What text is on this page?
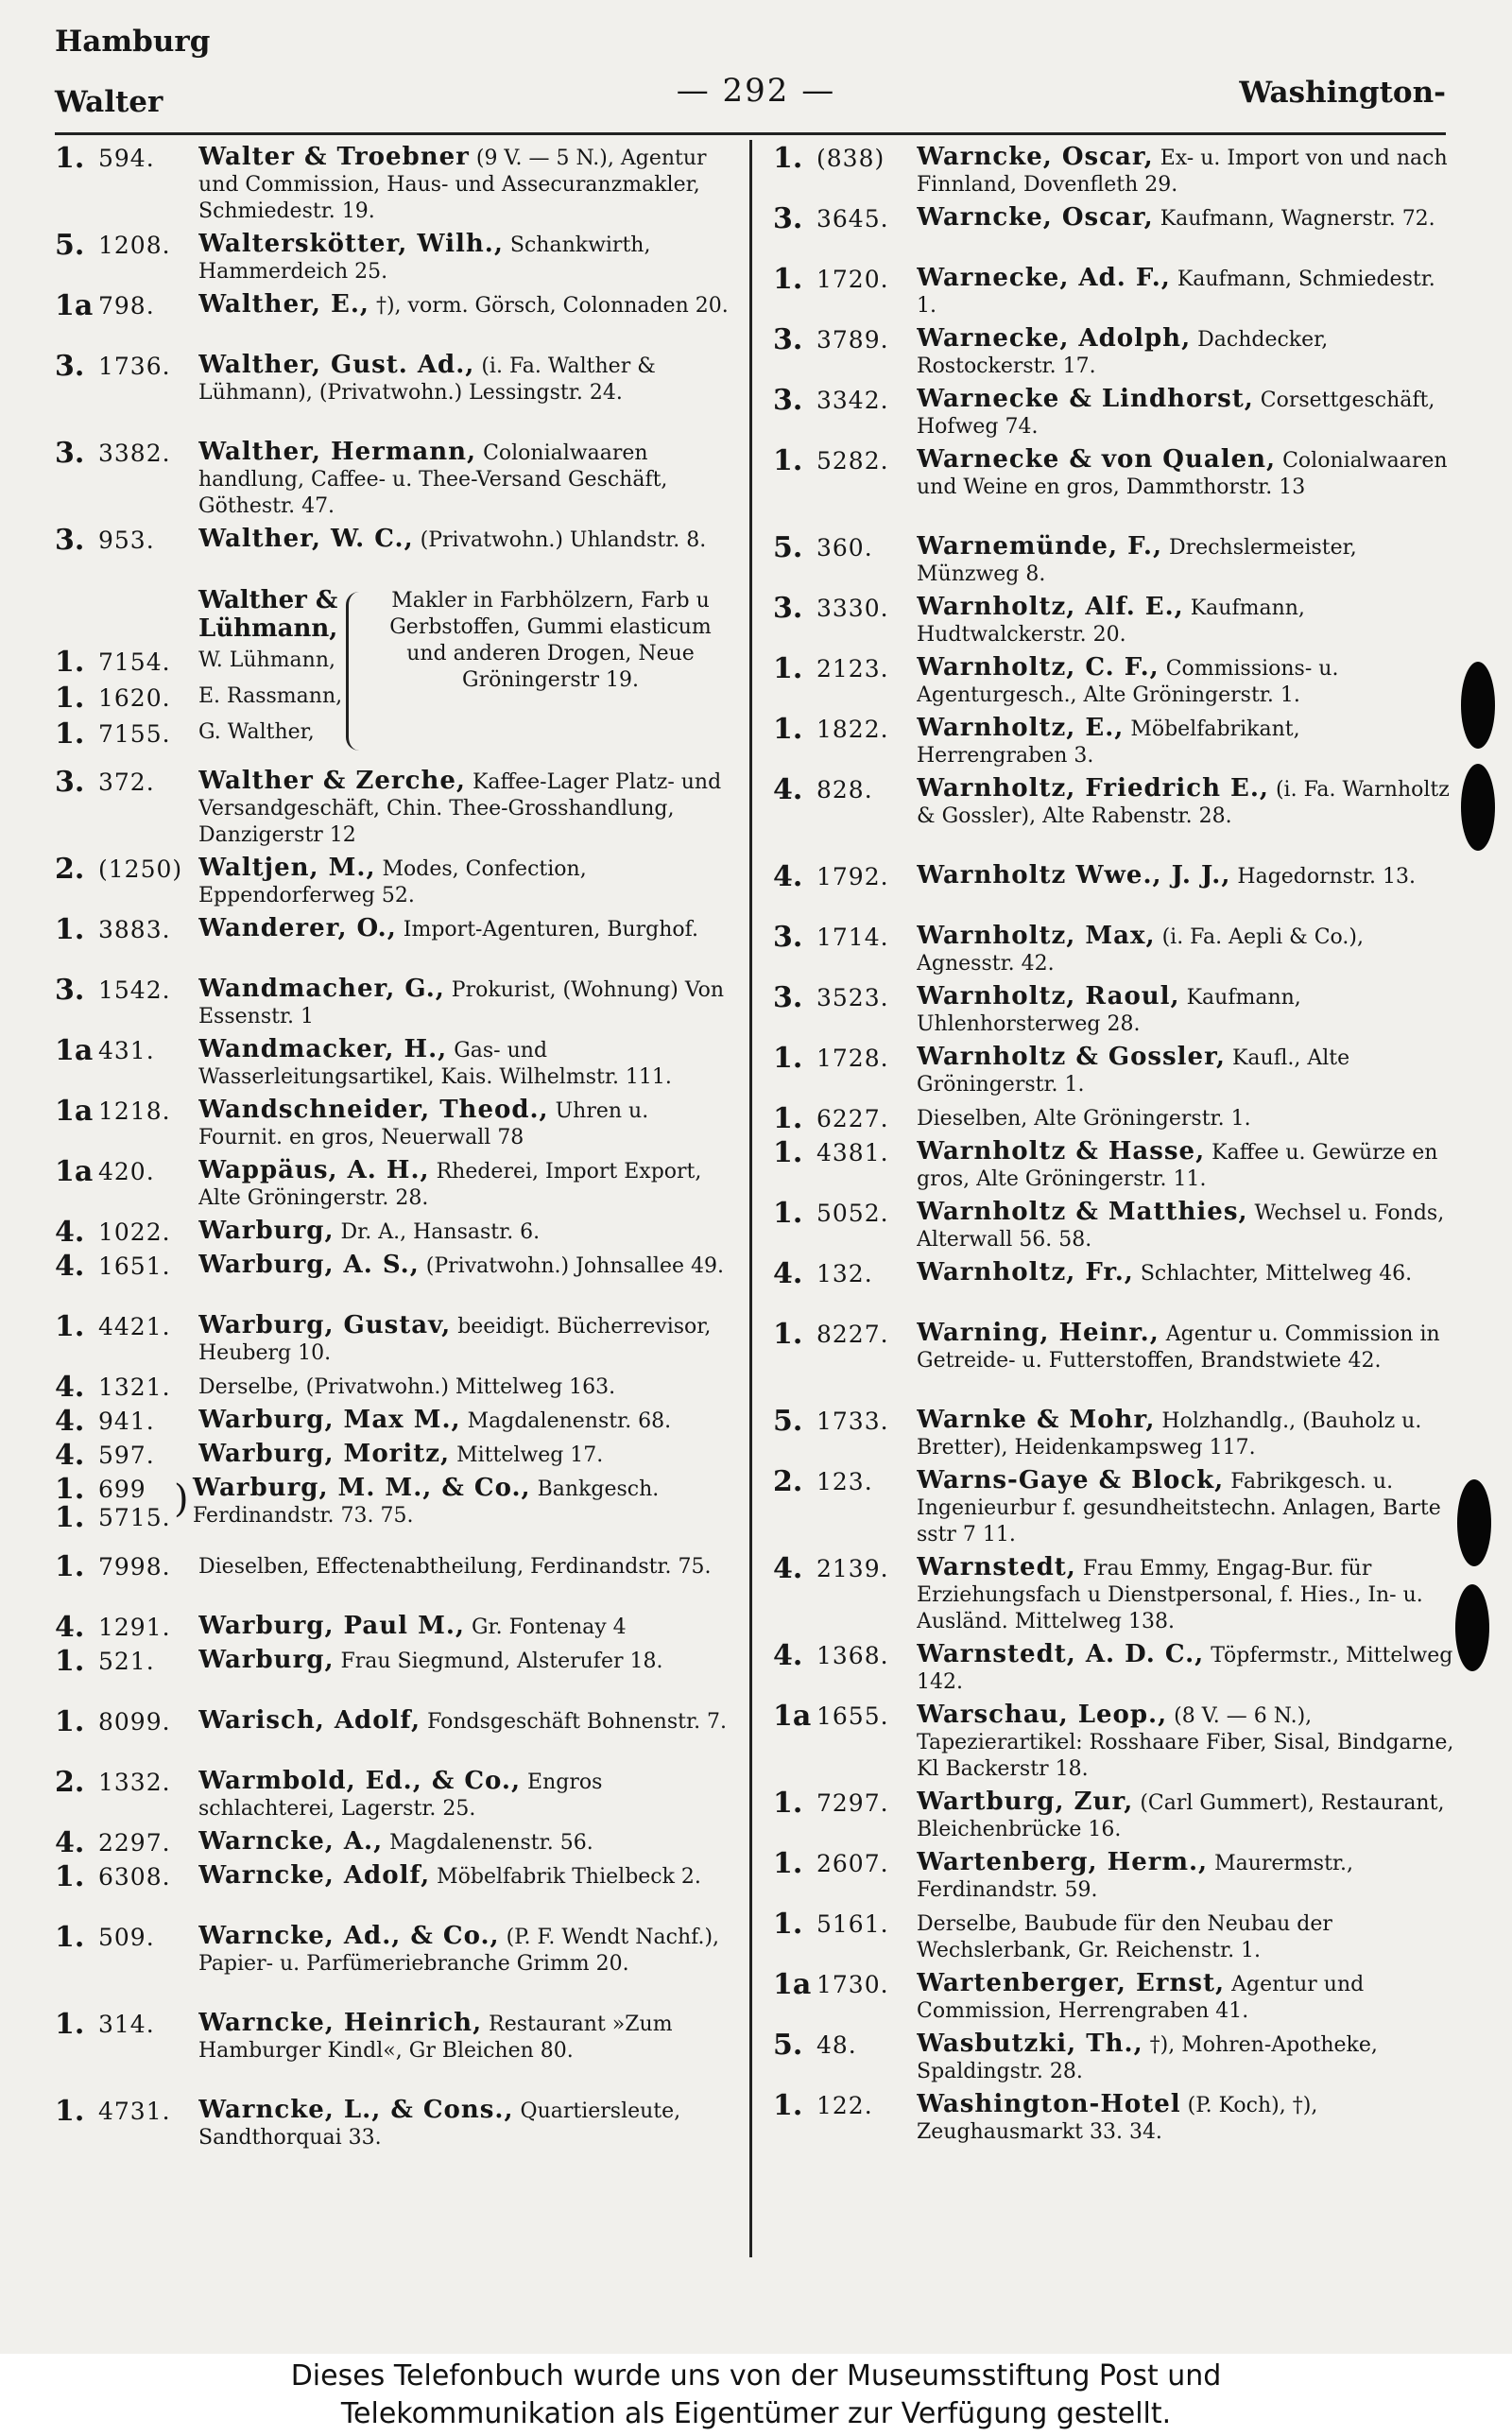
Hamburg
Walter	— 292 —	Washington-
1. 594. Walter & Troebner (9 V. — 5 N.), Agentur und Commission, Haus- und Assecuranzmakler, Schmiedestr. 19.
5. 1208. Walterskötter, Wilh., Schankwirth, Hammerdeich 25.
1a 798. Walther, E., †), vorm. Görsch, Colonnaden 20.
3. 1736. Walther, Gust. Ad., (i. Fa. Walther & Lühmann), (Privatwohn.) Lessingstr. 24.
3. 3382. Walther, Hermann, Colonialwaaren handlung, Caffee- u. Thee-Versand Geschäft, Göthestr. 47.
3. 953. Walther, W. C., (Privatwohn.) Uhlandstr. 8.
Walther & Lühmann,
1. 7154. W. Lühmann,
1. 1620. E. Rassmann,
1. 7155. G. Walther,
Makler in Farbhölzern, Farb u Gerbstoffen, Gummi elasticum und anderen Drogen, Neue Gröningerstr 19.
3. 372. Walther & Zerche, Kaffee-Lager Platz- und Versandgeschäft, Chin. Thee-Grosshandlung, Danzigerstr 12
2. (1250) Waltjen, M., Modes, Confection, Eppendorferweg 52.
1. 3883. Wanderer, O., Import-Agenturen, Burghof.
3. 1542. Wandmacher, G., Prokurist, (Wohnung) Von Essenstr. 1
1a 431. Wandmacker, H., Gas- und Wasserleitungsartikel, Kais. Wilhelmstr. 111.
1a 1218. Wandschneider, Theod., Uhren u. Fournit. en gros, Neuerwall 78
1a 420. Wappäus, A. H., Rhederei, Import Export, Alte Gröningerstr. 28.
4. 1022. Warburg, Dr. A., Hansastr. 6.
4. 1651. Warburg, A. S., (Privatwohn.) Johnsallee 49.
1. 4421. Warburg, Gustav, beeidigt. Bücherrevisor, Heuberg 10.
4. 1321. Derselbe, (Privatwohn.) Mittelweg 163.
4. 941. Warburg, Max M., Magdalenenstr. 68.
4. 597. Warburg, Moritz, Mittelweg 17.
1. 699
1. 5715. ) Warburg, M. M., & Co., Bankgesch. Ferdinandstr. 73. 75.
1. 7998. Dieselben, Effectenabtheilung, Ferdinandstr. 75.
4. 1291. Warburg, Paul M., Gr. Fontenay 4
1. 521. Warburg, Frau Siegmund, Alsterufer 18.
1. 8099. Warisch, Adolf, Fondsgeschäft Bohnenstr. 7.
2. 1332. Warmbold, Ed., & Co., Engros schlachterei, Lagerstr. 25.
4. 2297. Warncke, A., Magdalenenstr. 56.
1. 6308. Warncke, Adolf, Möbelfabrik Thielbeck 2.
1. 509. Warncke, Ad., & Co., (P. F. Wendt Nachf.), Papier- u. Parfümeriebranche Grimm 20.
1. 314. Warncke, Heinrich, Restaurant »Zum Hamburger Kindl«, Gr Bleichen 80.
1. 4731. Warncke, L., & Cons., Quartiersleute, Sandthorquai 33.
1. (838) Warncke, Oscar, Ex- u. Import von und nach Finnland, Dovenfleth 29.
3. 3645. Warncke, Oscar, Kaufmann, Wagnerstr. 72.
1. 1720. Warnecke, Ad. F., Kaufmann, Schmiedestr. 1.
3. 3789. Warnecke, Adolph, Dachdecker, Rostockerstr. 17.
3. 3342. Warnecke & Lindhorst, Corsettgeschäft, Hofweg 74.
1. 5282. Warnecke & von Qualen, Colonialwaaren und Weine en gros, Dammthorstr. 13
5. 360. Warnemünde, F., Drechslermeister, Münzweg 8.
3. 3330. Warnholtz, Alf. E., Kaufmann, Hudtwalckerstr. 20.
1. 2123. Warnholtz, C. F., Commissions- u. Agenturgesch., Alte Gröningerstr. 1.
1. 1822. Warnholtz, E., Möbelfabrikant, Herrengraben 3.
4. 828. Warnholtz, Friedrich E., (i. Fa. Warnholtz & Gossler), Alte Rabenstr. 28.
4. 1792. Warnholtz Wwe., J. J., Hagedornstr. 13.
3. 1714. Warnholtz, Max, (i. Fa. Aepli & Co.), Agnesstr. 42.
3. 3523. Warnholtz, Raoul, Kaufmann, Uhlenhorsterweg 28.
1. 1728. Warnholtz & Gossler, Kaufl., Alte Gröningerstr. 1.
1. 6227. Dieselben, Alte Gröningerstr. 1.
1. 4381. Warnholtz & Hasse, Kaffee u. Gewürze en gros, Alte Gröningerstr. 11.
1. 5052. Warnholtz & Matthies, Wechsel u. Fonds, Alterwall 56. 58.
4. 132. Warnholtz, Fr., Schlachter, Mittelweg 46.
1. 8227. Warning, Heinr., Agentur u. Commission in Getreide- u. Futterstoffen, Brandstwiete 42.
5. 1733. Warnke & Mohr, Holzhandlg., (Bauholz u. Bretter), Heidenkampsweg 117.
2. 123. Warns-Gaye & Block, Fabrikgesch. u. Ingenieurbur f. gesundheitstechn. Anlagen, Barte sstr 7 11.
4. 2139. Warnstedt, Frau Emmy, Engag-Bur. für Erziehungsfach u Dienstpersonal, f. Hies., In- u. Ausländ. Mittelweg 138.
4. 1368. Warnstedt, A. D. C., Töpfermstr., Mittelweg 142.
1a 1655. Warschau, Leop., (8 V. — 6 N.), Tapezierartikel: Rosshaare Fiber, Sisal, Bindgarne, Kl Backerstr 18.
1. 7297. Wartburg, Zur, (Carl Gummert), Restaurant, Bleichenbrücke 16.
1. 2607. Wartenberg, Herm., Maurermstr., Ferdinandstr. 59.
1. 5161. Derselbe, Baubude für den Neubau der Wechslerbank, Gr. Reichenstr. 1.
1a 1730. Wartenberger, Ernst, Agentur und Commission, Herrengraben 41.
5. 48. Wasbutzki, Th., †), Mohren-Apotheke, Spaldingstr. 28.
1. 122. Washington-Hotel (P. Koch), †), Zeughausmarkt 33. 34.
Dieses Telefonbuch wurde uns von der Museumsstiftung Post und
Telekommunikation als Eigentümer zur Verfügung gestellt.
